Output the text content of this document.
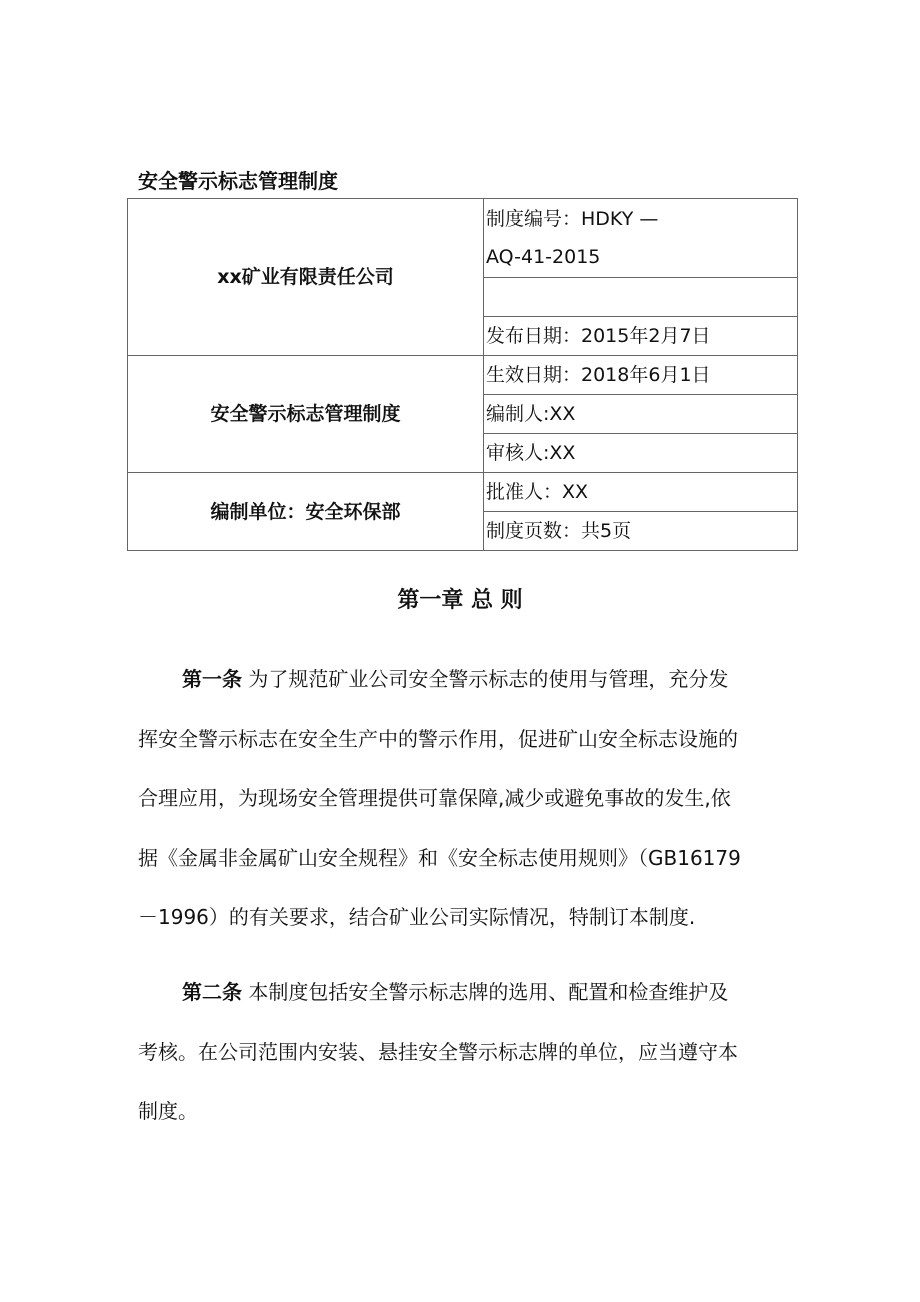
安全警示标志管理制度
xx矿业有限责任公司	制度编号：HDKY —
AQ-41-2015

	发布日期：2015年2月7日
安全警示标志管理制度	生效日期：2018年6月1日
	编制人:XX
	审核人:XX
编制单位：安全环保部	批准人：XX
	制度页数：共5页
第一章 总 则

第一条 为了规范矿业公司安全警示标志的使用与管理，充分发
挥安全警示标志在安全生产中的警示作用，促进矿山安全标志设施的
合理应用，为现场安全管理提供可靠保障,减少或避免事故的发生,依
据《金属非金属矿山安全规程》和《安全标志使用规则》（GB16179
－1996）的有关要求，结合矿业公司实际情况，特制订本制度.

第二条 本制度包括安全警示标志牌的选用、配置和检查维护及
考核。在公司范围内安装、悬挂安全警示标志牌的单位，应当遵守本
制度。
